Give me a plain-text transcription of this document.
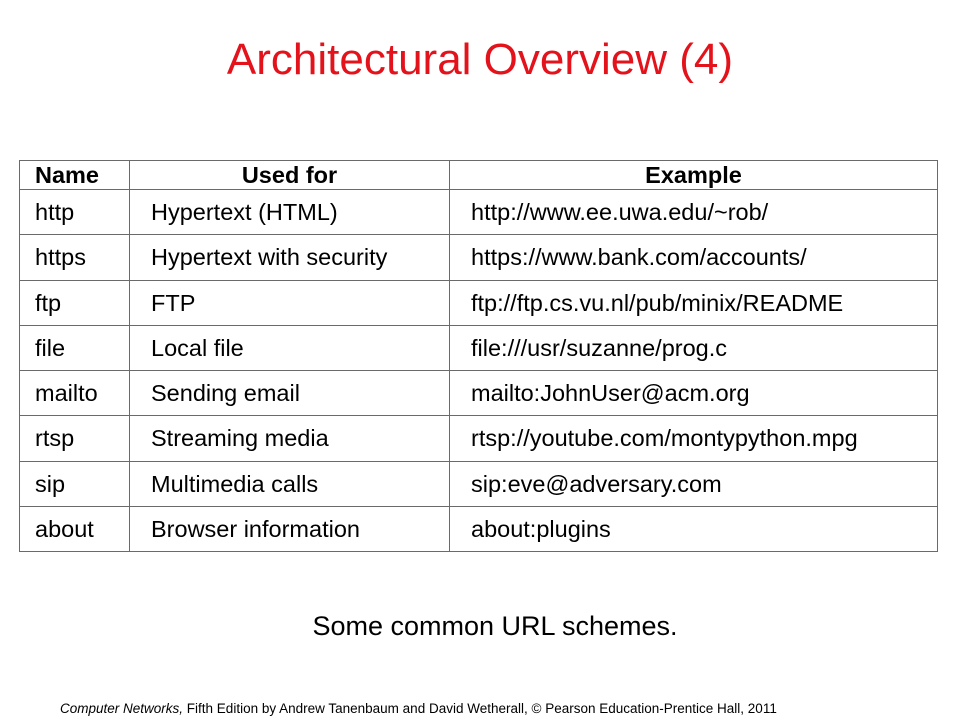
Architectural Overview (4)
Name	Used for	Example
http	Hypertext (HTML)	http://www.ee.uwa.edu/~rob/
https	Hypertext with security	https://www.bank.com/accounts/
ftp	FTP	ftp://ftp.cs.vu.nl/pub/minix/README
file	Local file	file:///usr/suzanne/prog.c
mailto	Sending email	mailto:JohnUser@acm.org
rtsp	Streaming media	rtsp://youtube.com/montypython.mpg
sip	Multimedia calls	sip:eve@adversary.com
about	Browser information	about:plugins
Some common URL schemes.
Computer Networks, Fifth Edition by Andrew Tanenbaum and David Wetherall, © Pearson Education-Prentice Hall, 2011
